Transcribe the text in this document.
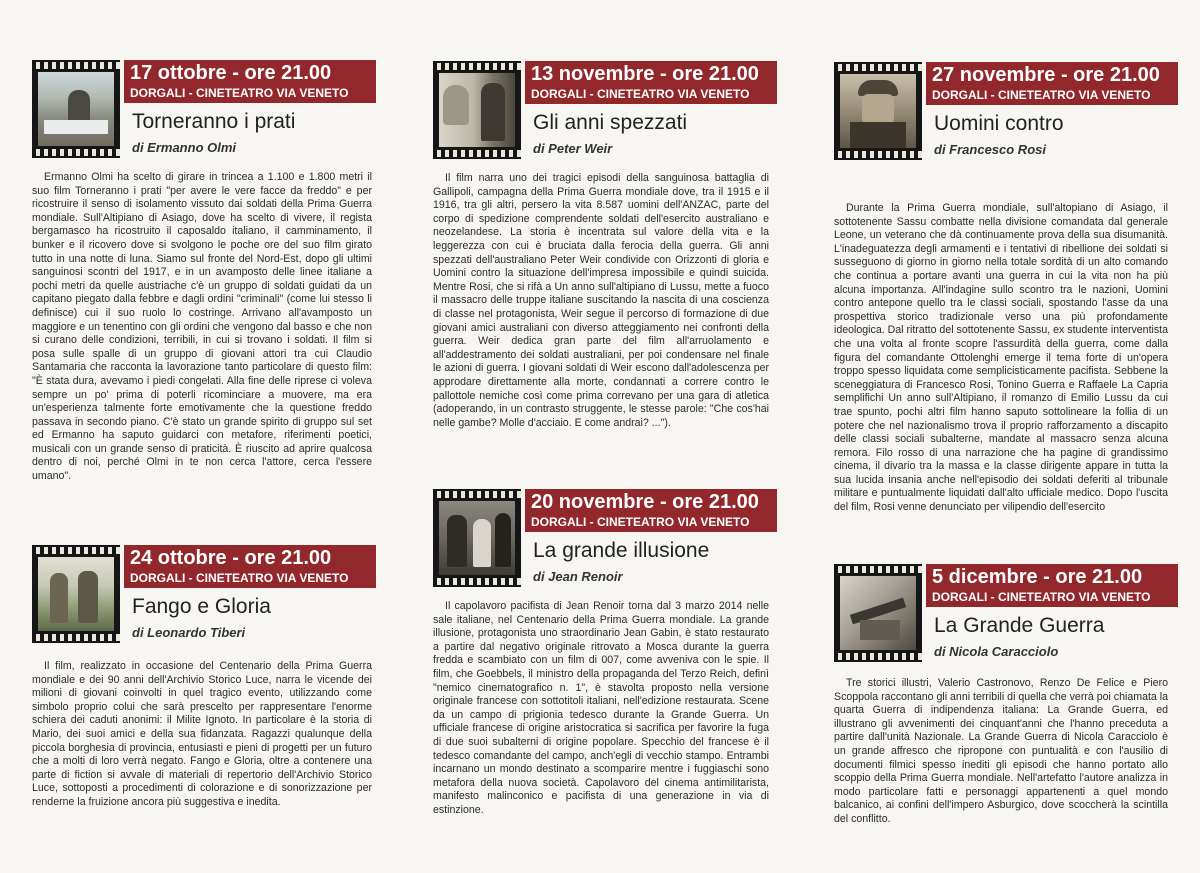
17 ottobre - ore 21.00
DORGALI - CINETEATRO VIA VENETO
Torneranno i prati
di Ermanno Olmi

Ermanno Olmi ha scelto di girare in trincea a 1.100 e 1.800 metri il suo film Torneranno i prati "per avere le vere facce da freddo" e per ricostruire il senso di isolamento vissuto dai soldati della Prima Guerra mondiale. Sull'Altipiano di Asiago, dove ha scelto di vivere, il regista bergamasco ha ricostruito il caposaldo italiano, il camminamento, il bunker e il ricovero dove si svolgono le poche ore del suo film girato tutto in una notte di luna. Siamo sul fronte del Nord-Est, dopo gli ultimi sanguinosi scontri del 1917, e in un avamposto delle linee italiane a pochi metri da quelle austriache c'è un gruppo di soldati guidati da un capitano piegato dalla febbre e dagli ordini "criminali" (come lui stesso li definisce) cui il suo ruolo lo costringe. Arrivano all'avamposto un maggiore e un tenentino con gli ordini che vengono dal basso e che non si curano delle condizioni, terribili, in cui si trovano i soldati. Il film si posa sulle spalle di un gruppo di giovani attori tra cui Claudio Santamaria che racconta la lavorazione tanto particolare di questo film: "È stata dura, avevamo i piedi congelati. Alla fine delle riprese ci voleva sempre un po' prima di poterli ricominciare a muovere, ma era un'esperienza talmente forte emotivamente che la questione freddo passava in secondo piano. C'è stato un grande spirito di gruppo sul set ed Ermanno ha saputo guidarci con metafore, riferimenti poetici, musicali con un grande senso di praticità. È riuscito ad aprire qualcosa dentro di noi, perché Olmi in te non cerca l'attore, cerca l'essere umano".

24 ottobre - ore 21.00
DORGALI - CINETEATRO VIA VENETO
Fango e Gloria
di Leonardo Tiberi

Il film, realizzato in occasione del Centenario della Prima Guerra mondiale e dei 90 anni dell'Archivio Storico Luce, narra le vicende dei milioni di giovani coinvolti in quel tragico evento, utilizzando come simbolo proprio colui che sarà prescelto per rappresentare l'enorme schiera dei caduti anonimi: il Milite Ignoto. In particolare è la storia di Mario, dei suoi amici e della sua fidanzata. Ragazzi qualunque della piccola borghesia di provincia, entusiasti e pieni di progetti per un futuro che a molti di loro verrà negato. Fango e Gloria, oltre a contenere una parte di fiction si avvale di materiali di repertorio dell'Archivio Storico Luce, sottoposti a procedimenti di colorazione e di sonorizzazione per renderne la fruizione ancora più suggestiva e inedita.

13 novembre - ore 21.00
DORGALI - CINETEATRO VIA VENETO
Gli anni spezzati
di Peter Weir

Il film narra uno dei tragici episodi della sanguinosa battaglia di Gallipoli, campagna della Prima Guerra mondiale dove, tra il 1915 e il 1916, tra gli altri, persero la vita 8.587 uomini dell'ANZAC, parte del corpo di spedizione comprendente soldati dell'esercito australiano e neozelandese. La storia è incentrata sul valore della vita e la leggerezza con cui è bruciata dalla ferocia della guerra. Gli anni spezzati dell'australiano Peter Weir condivide con Orizzonti di gloria e Uomini contro la situazione dell'impresa impossibile e quindi suicida. Mentre Rosi, che si rifà a Un anno sull'altipiano di Lussu, mette a fuoco il massacro delle truppe italiane suscitando la nascita di una coscienza di classe nel protagonista, Weir segue il percorso di formazione di due giovani amici australiani con diverso atteggiamento nei confronti della guerra. Weir dedica gran parte del film all'arruolamento e all'addestramento dei soldati australiani, per poi condensare nel finale le azioni di guerra. I giovani soldati di Weir escono dall'adolescenza per approdare direttamente alla morte, condannati a correre contro le pallottole nemiche così come prima correvano per una gara di atletica (adoperando, in un contrasto struggente, le stesse parole: "Che cos'hai nelle gambe? Molle d'acciaio. E come andrai? ...").

20 novembre - ore 21.00
DORGALI - CINETEATRO VIA VENETO
La grande illusione
di Jean Renoir

Il capolavoro pacifista di Jean Renoir torna dal 3 marzo 2014 nelle sale italiane, nel Centenario della Prima Guerra mondiale. La grande illusione, protagonista uno straordinario Jean Gabin, è stato restaurato a partire dal negativo originale ritrovato a Mosca durante la guerra fredda e scambiato con un film di 007, come avveniva con le spie. Il film, che Goebbels, il ministro della propaganda del Terzo Reich, definì "nemico cinematografico n. 1", è stavolta proposto nella versione originale francese con sottotitoli italiani, nell'edizione restaurata. Scene da un campo di prigionia tedesco durante la Grande Guerra. Un ufficiale francese di origine aristocratica si sacrifica per favorire la fuga di due suoi subalterni di origine popolare. Specchio del francese è il tedesco comandante del campo, anch'egli di vecchio stampo. Entrambi incarnano un mondo destinato a scomparire mentre i fuggiaschi sono metafora della nuova società. Capolavoro del cinema antimilitarista, manifesto malinconico e pacifista di una generazione in via di estinzione.

27 novembre - ore 21.00
DORGALI - CINETEATRO VIA VENETO
Uomini contro
di Francesco Rosi

Durante la Prima Guerra mondiale, sull'altopiano di Asiago, il sottotenente Sassu combatte nella divisione comandata dal generale Leone, un veterano che dà continuamente prova della sua disumanità. L'inadeguatezza degli armamenti e i tentativi di ribellione dei soldati si susseguono di giorno in giorno nella totale sordità di un alto comando che continua a portare avanti una guerra in cui la vita non ha più alcuna importanza. All'indagine sullo scontro tra le nazioni, Uomini contro antepone quello tra le classi sociali, spostando l'asse da una prospettiva storico tradizionale verso una più profondamente ideologica. Dal ritratto del sottotenente Sassu, ex studente interventista che una volta al fronte scopre l'assurdità della guerra, come dalla figura del comandante Ottolenghi emerge il tema forte di un'opera troppo spesso liquidata come semplicisticamente pacifista. Sebbene la sceneggiatura di Francesco Rosi, Tonino Guerra e Raffaele La Capria semplifichi Un anno sull'Altipiano, il romanzo di Emilio Lussu da cui trae spunto, pochi altri film hanno saputo sottolineare la follia di un potere che nel nazionalismo trova il proprio rafforzamento a discapito delle classi sociali subalterne, mandate al massacro senza alcuna remora. Filo rosso di una narrazione che ha pagine di grandissimo cinema, il divario tra la massa e la classe dirigente appare in tutta la sua lucida insania anche nell'episodio dei soldati deferiti al tribunale militare e puntualmente liquidati dall'alto ufficiale medico. Dopo l'uscita del film, Rosi venne denunciato per vilipendio dell'esercito

5 dicembre - ore 21.00
DORGALI - CINETEATRO VIA VENETO
La Grande Guerra
di Nicola Caracciolo

Tre storici illustri, Valerio Castronovo, Renzo De Felice e Piero Scoppola raccontano gli anni terribili di quella che verrà poi chiamata la quarta Guerra di indipendenza italiana: La Grande Guerra, ed illustrano gli avvenimenti dei cinquant'anni che l'hanno preceduta a partire dall'unità Nazionale. La Grande Guerra di Nicola Caracciolo è un grande affresco che ripropone con puntualità e con l'ausilio di documenti filmici spesso inediti gli episodi che hanno portato allo scoppio della Prima Guerra mondiale. Nell'artefatto l'autore analizza in modo particolare fatti e personaggi appartenenti a quel mondo balcanico, ai confini dell'impero Asburgico, dove scoccherà la scintilla del conflitto.
